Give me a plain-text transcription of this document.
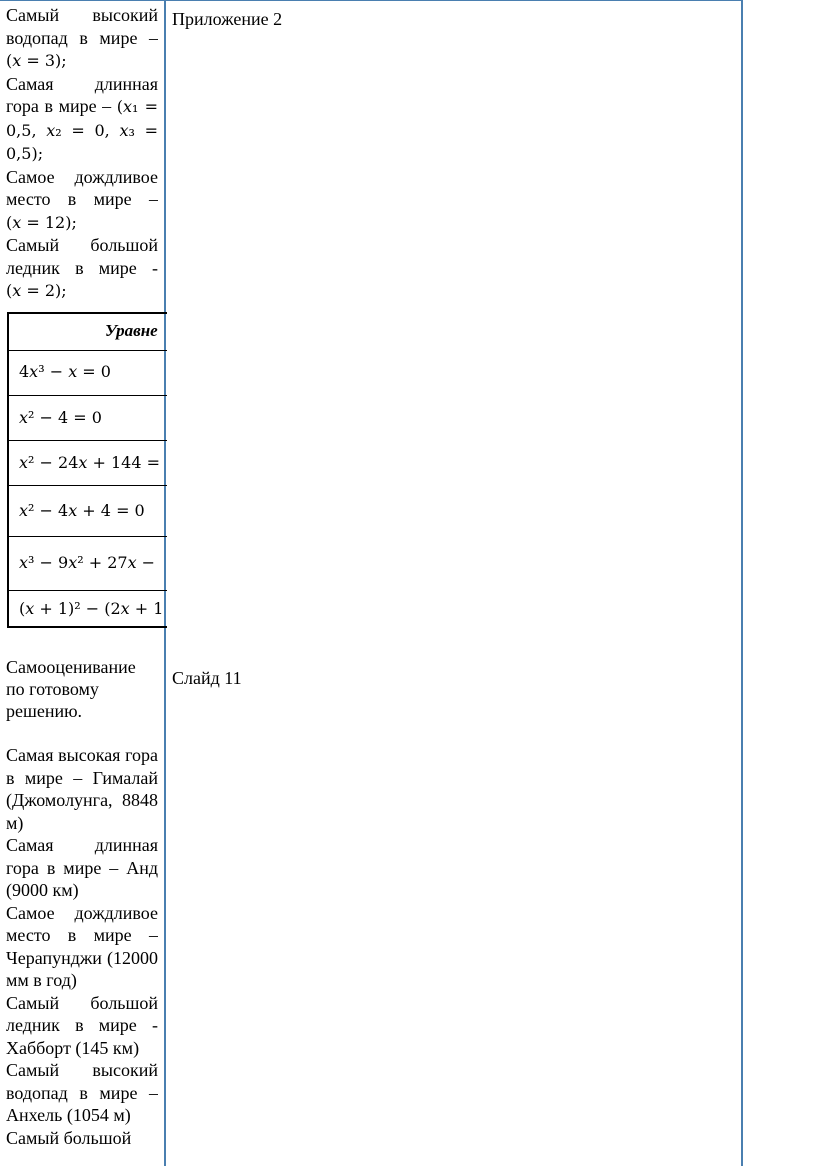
Самый высокий водопад в мире – (𝑥 = 3);

Самая длинная гора в мире – (𝑥₁ = 0,5, 𝑥₂ = 0, 𝑥₃ = 0,5);

Самое дождливое место в мире – (𝑥 = 12);

Самый большой ледник в мире - (𝑥 = 2);

Самооценивание по готовому решению.

Самая высокая гора в мире – Гималай (Джомолунга, 8848 м)

Самая длинная гора в мире – Анд (9000 км)

Самое дождливое место в мире – Черапунджи (12000 мм в год)

Самый большой ледник в мире - Хабборт (145 км)

Самый высокий водопад в мире – Анхель (1054 м)

Самый большой

Уравне
4𝑥³ − 𝑥 = 0
𝑥² − 4 = 0
𝑥² − 24𝑥 + 144 =
𝑥² − 4𝑥 + 4 = 0
𝑥³ − 9𝑥² + 27𝑥 −
(𝑥 + 1)² − (2𝑥 + 1
Приложение 2
Слайд 11
